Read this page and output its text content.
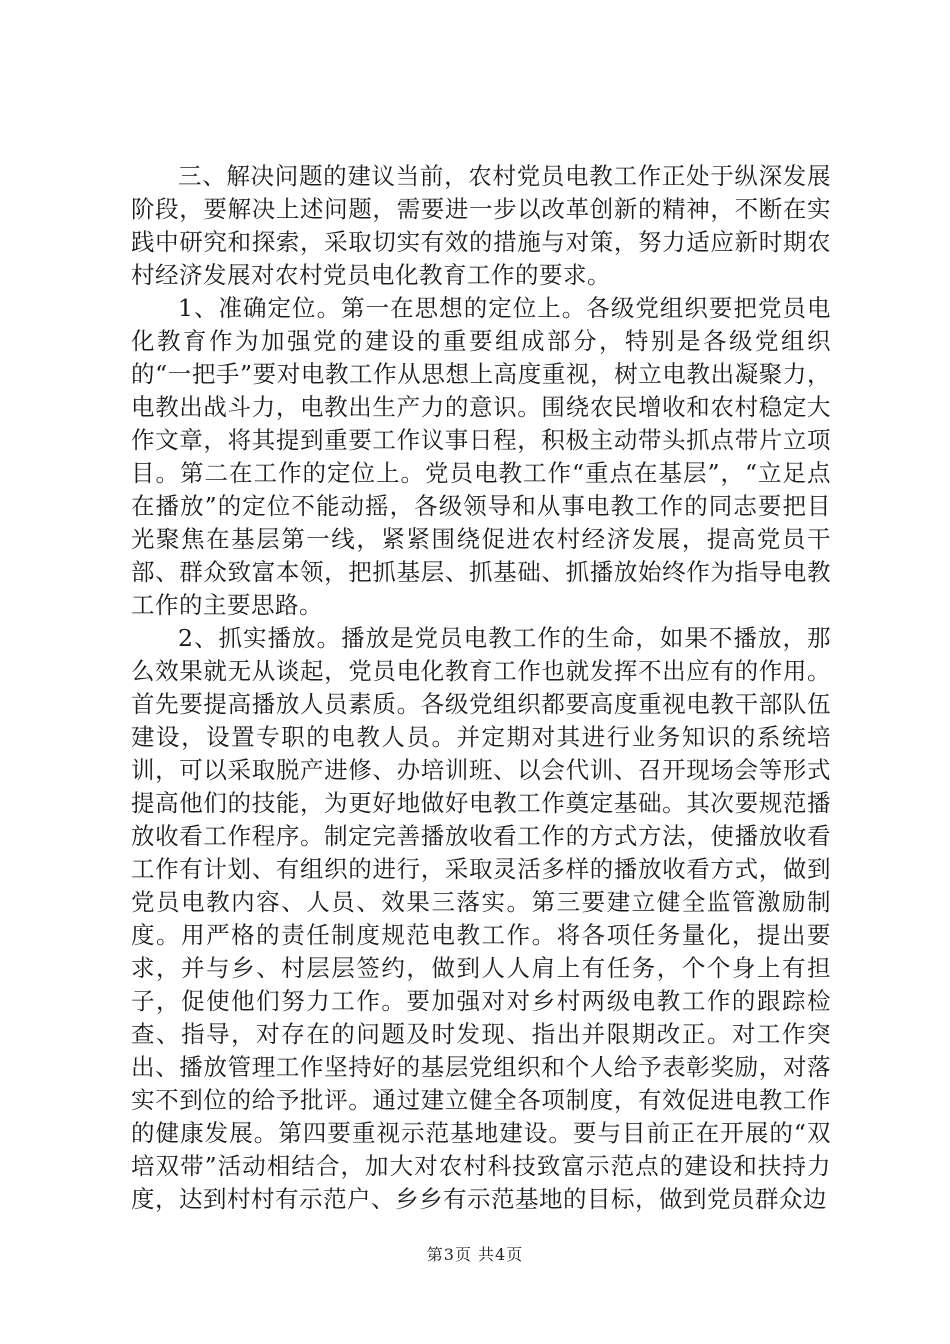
三、解决问题的建议当前，农村党员电教工作正处于纵深发展阶段，要解决上述问题，需要进一步以改革创新的精神，不断在实践中研究和探索，采取切实有效的措施与对策，努力适应新时期农村经济发展对农村党员电化教育工作的要求。

1、准确定位。第一在思想的定位上。各级党组织要把党员电化教育作为加强党的建设的重要组成部分，特别是各级党组织的“一把手”要对电教工作从思想上高度重视，树立电教出凝聚力，电教出战斗力，电教出生产力的意识。围绕农民增收和农村稳定大作文章，将其提到重要工作议事日程，积极主动带头抓点带片立项目。第二在工作的定位上。党员电教工作“重点在基层”，“立足点在播放”的定位不能动摇，各级领导和从事电教工作的同志要把目光聚焦在基层第一线，紧紧围绕促进农村经济发展，提高党员干部、群众致富本领，把抓基层、抓基础、抓播放始终作为指导电教工作的主要思路。

2、抓实播放。播放是党员电教工作的生命，如果不播放，那么效果就无从谈起，党员电化教育工作也就发挥不出应有的作用。首先要提高播放人员素质。各级党组织都要高度重视电教干部队伍建设，设置专职的电教人员。并定期对其进行业务知识的系统培训，可以采取脱产进修、办培训班、以会代训、召开现场会等形式提高他们的技能，为更好地做好电教工作奠定基础。其次要规范播放收看工作程序。制定完善播放收看工作的方式方法，使播放收看工作有计划、有组织的进行，采取灵活多样的播放收看方式，做到党员电教内容、人员、效果三落实。第三要建立健全监管激励制度。用严格的责任制度规范电教工作。将各项任务量化，提出要求，并与乡、村层层签约，做到人人肩上有任务，个个身上有担子，促使他们努力工作。要加强对对乡村两级电教工作的跟踪检查、指导，对存在的问题及时发现、指出并限期改正。对工作突出、播放管理工作坚持好的基层党组织和个人给予表彰奖励，对落实不到位的给予批评。通过建立健全各项制度，有效促进电教工作的健康发展。第四要重视示范基地建设。要与目前正在开展的“双培双带”活动相结合，加大对农村科技致富示范点的建设和扶持力度，达到村村有示范户、乡乡有示范基地的目标，做到党员群众边

第3页 共4页
